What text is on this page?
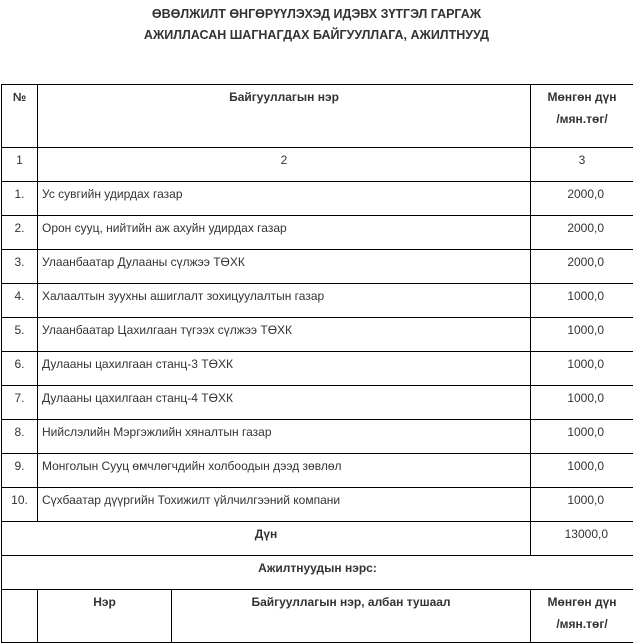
ӨВӨЛЖИЛТ ӨНГӨРҮҮЛЭХЭД ИДЭВХ ЗҮТГЭЛ ГАРГАЖ
АЖИЛЛАСАН ШАГНАГДАХ БАЙГУУЛЛАГА, АЖИЛТНУУД
№	Байгууллагын нэр		Мөнгөн дүн
/мян.төг/

1	2		3
1.	Ус сувгийн удирдах газар		2000,0
2.	Орон сууц, нийтийн аж ахуйн удирдах газар		2000,0
3.	Улаанбаатар Дулааны сүлжээ ТӨХК		2000,0
4.	Халаалтын зуухны ашиглалт зохицуулалтын газар		1000,0
5.	Улаанбаатар Цахилгаан түгээх сүлжээ ТӨХК		1000,0
6.	Дулааны цахилгаан станц-3 ТӨХК		1000,0
7.	Дулааны цахилгаан станц-4 ТӨХК		1000,0
8.	Нийслэлийн Мэргэжлийн хяналтын газар		1000,0
9.	Монголын Сууц өмчлөгчдийн холбоодын дээд зөвлөл		1000,0
10.	Сүхбаатар дүүргийн Тохижилт үйлчилгээний компани		1000,0
Дүн			13000,0
Ажилтнуудын нэрс:			
	Нэр	Байгууллагын нэр, албан тушаал	Мөнгөн дүн
/мян.төг/
